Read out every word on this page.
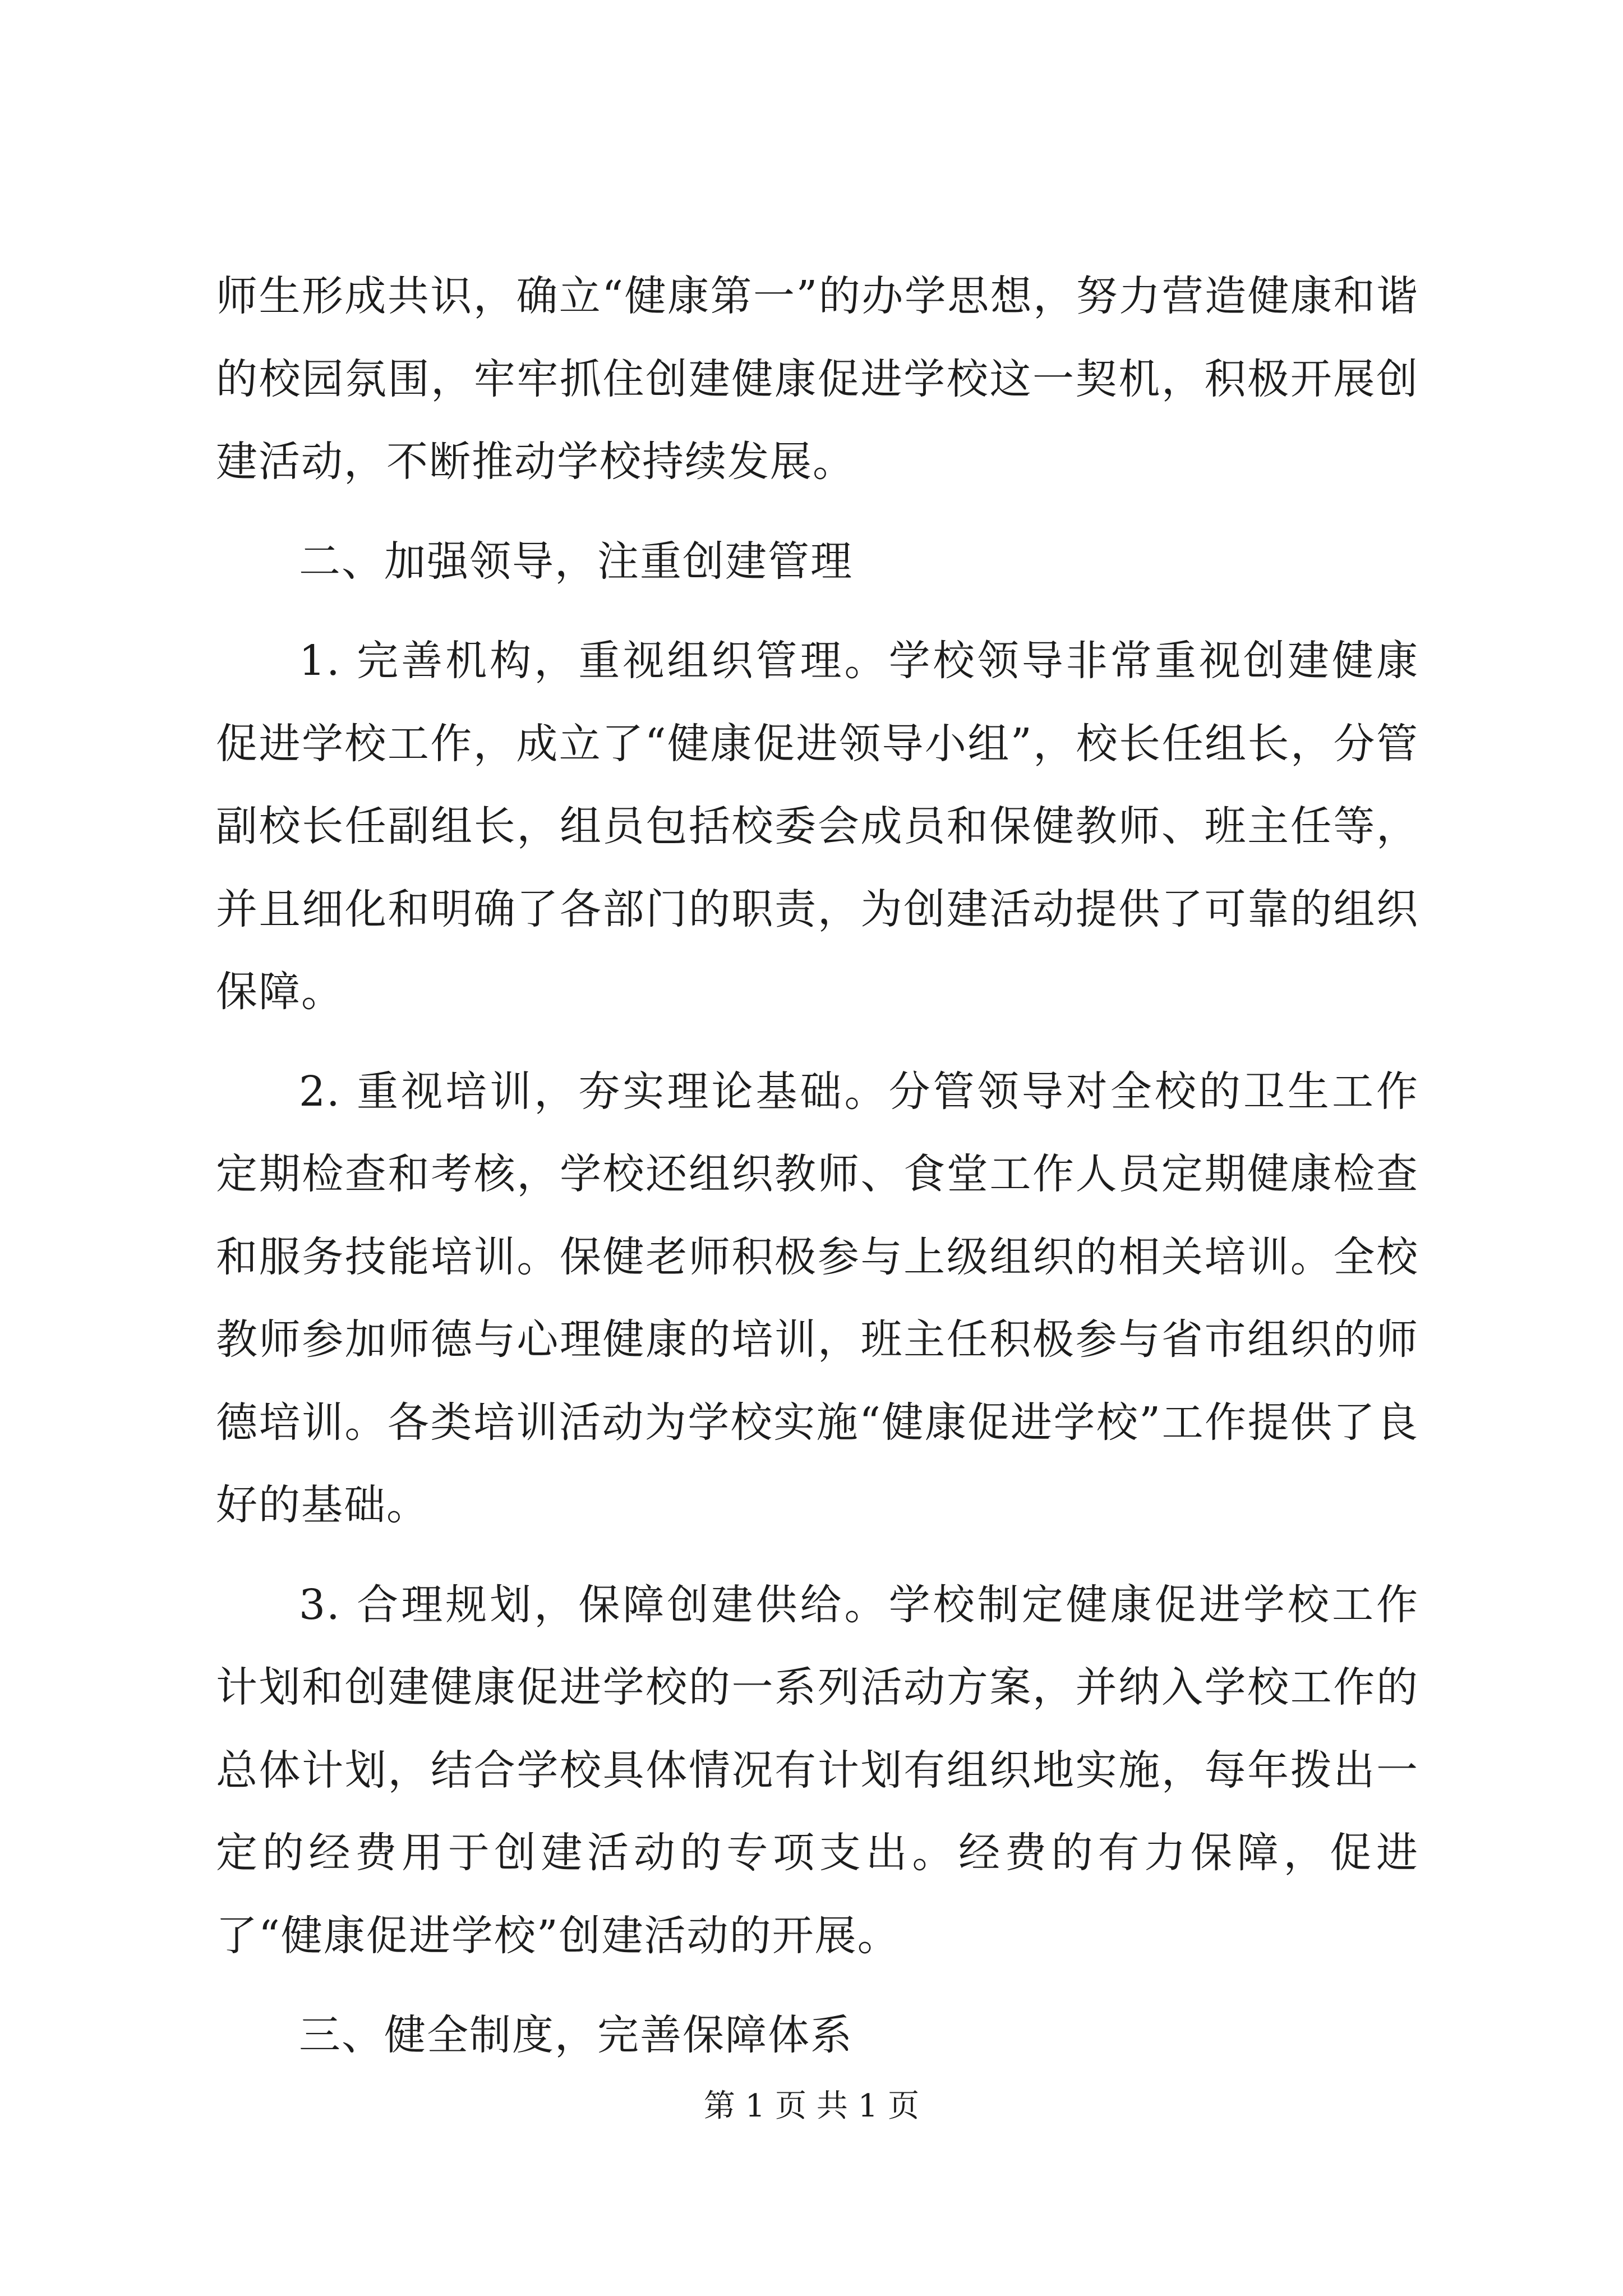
师生形成共识，确立“健康第一”的办学思想，努力营造健康和谐的校园氛围，牢牢抓住创建健康促进学校这一契机，积极开展创建活动，不断推动学校持续发展。

二、加强领导，注重创建管理

1. 完善机构，重视组织管理。学校领导非常重视创建健康促进学校工作，成立了“健康促进领导小组”，校长任组长，分管副校长任副组长，组员包括校委会成员和保健教师、班主任等，并且细化和明确了各部门的职责，为创建活动提供了可靠的组织保障。

2. 重视培训，夯实理论基础。分管领导对全校的卫生工作定期检查和考核，学校还组织教师、食堂工作人员定期健康检查和服务技能培训。保健老师积极参与上级组织的相关培训。全校教师参加师德与心理健康的培训，班主任积极参与省市组织的师德培训。各类培训活动为学校实施“健康促进学校”工作提供了良好的基础。

3. 合理规划，保障创建供给。学校制定健康促进学校工作计划和创建健康促进学校的一系列活动方案，并纳入学校工作的总体计划，结合学校具体情况有计划有组织地实施，每年拨出一定的经费用于创建活动的专项支出。经费的有力保障，促进了“健康促进学校”创建活动的开展。

三、健全制度，完善保障体系

第 1 页 共 1 页
